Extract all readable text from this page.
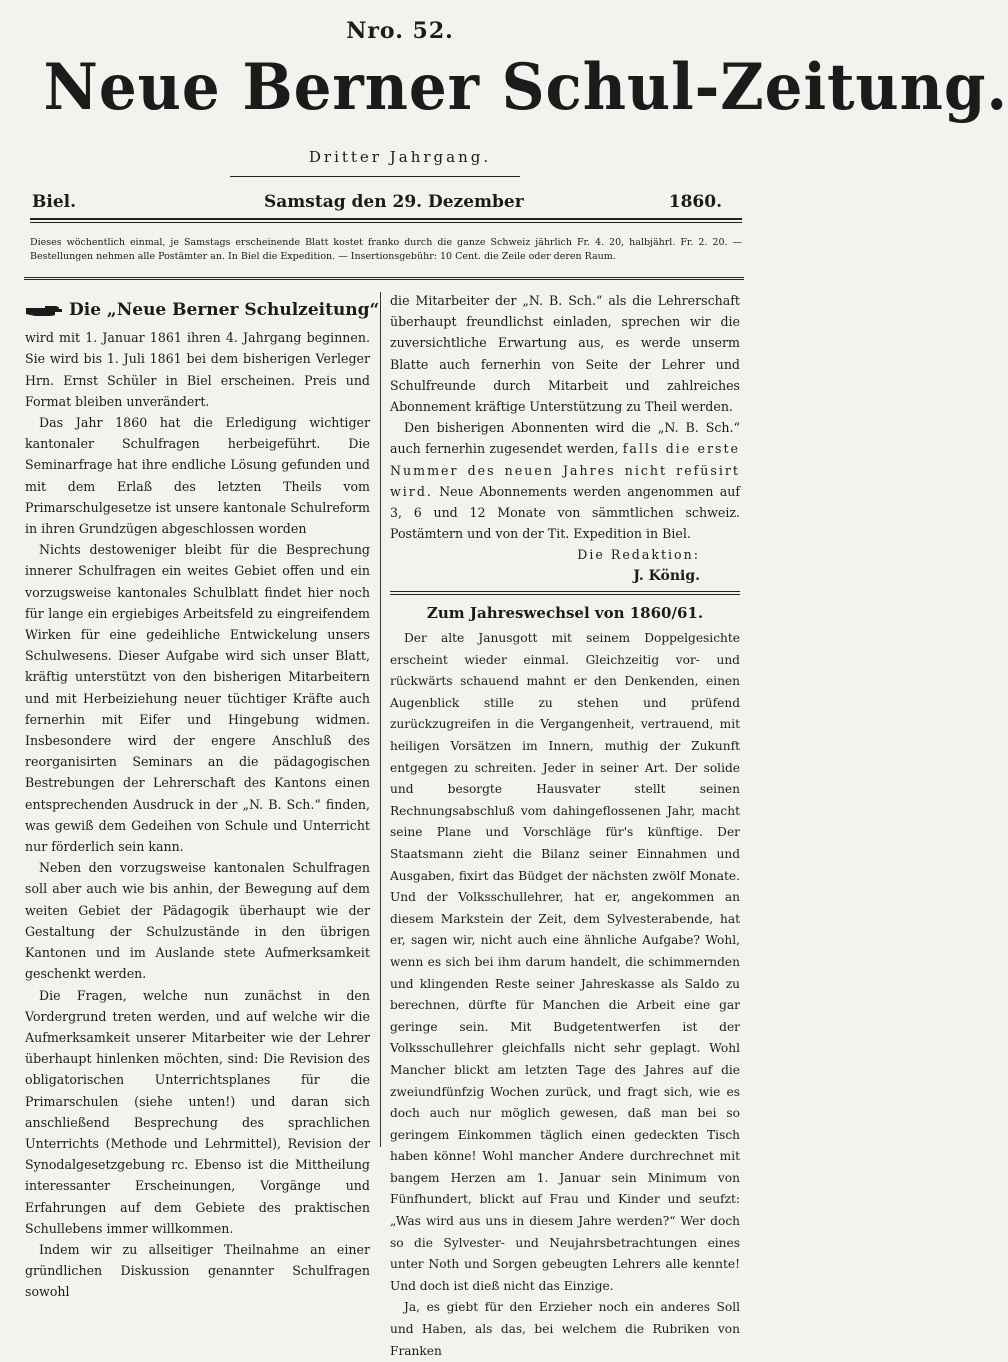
Nro. 52.
Neue Berner Schul-Zeitung.
Dritter Jahrgang.
Biel.	Samstag den 29. Dezember	1860.
Dieses wöchentlich einmal, je Samstags erscheinende Blatt kostet franko durch die ganze Schweiz jährlich Fr. 4. 20, halbjährl. Fr. 2. 20. — Bestellungen nehmen alle Postämter an. In Biel die Expedition. — Insertionsgebühr: 10 Cent. die Zeile oder deren Raum.
Die „Neue Berner Schulzeitung“

wird mit 1. Januar 1861 ihren 4. Jahrgang beginnen. Sie wird bis 1. Juli 1861 bei dem bisherigen Verleger Hrn. Ernst Schüler in Biel erscheinen. Preis und Format bleiben unverändert.

Das Jahr 1860 hat die Erledigung wichtiger kantonaler Schulfragen herbeigeführt. Die Seminarfrage hat ihre endliche Lösung gefunden und mit dem Erlaß des letzten Theils vom Primarschulgesetze ist unsere kantonale Schulreform in ihren Grundzügen abgeschlossen worden

Nichts destoweniger bleibt für die Besprechung innerer Schulfragen ein weites Gebiet offen und ein vorzugsweise kantonales Schulblatt findet hier noch für lange ein ergiebiges Arbeitsfeld zu eingreifendem Wirken für eine gedeihliche Entwickelung unsers Schulwesens. Dieser Aufgabe wird sich unser Blatt, kräftig unterstützt von den bisherigen Mitarbeitern und mit Herbeiziehung neuer tüchtiger Kräfte auch fernerhin mit Eifer und Hingebung widmen. Insbesondere wird der engere Anschluß des reorganisirten Seminars an die pädagogischen Bestrebungen der Lehrerschaft des Kantons einen entsprechenden Ausdruck in der „N. B. Sch.“ finden, was gewiß dem Gedeihen von Schule und Unterricht nur förderlich sein kann.

Neben den vorzugsweise kantonalen Schulfragen soll aber auch wie bis anhin, der Bewegung auf dem weiten Gebiet der Pädagogik überhaupt wie der Gestaltung der Schulzustände in den übrigen Kantonen und im Auslande stete Aufmerksamkeit geschenkt werden.

Die Fragen, welche nun zunächst in den Vordergrund treten werden, und auf welche wir die Aufmerksamkeit unserer Mitarbeiter wie der Lehrer überhaupt hinlenken möchten, sind: Die Revision des obligatorischen Unterrichtsplanes für die Primarschulen (siehe unten!) und daran sich anschließend Besprechung des sprachlichen Unterrichts (Methode und Lehrmittel), Revision der Synodalgesetzgebung rc. Ebenso ist die Mittheilung interessanter Erscheinungen, Vorgänge und Erfahrungen auf dem Gebiete des praktischen Schullebens immer willkommen.

Indem wir zu allseitiger Theilnahme an einer gründlichen Diskussion genannter Schulfragen sowohl

die Mitarbeiter der „N. B. Sch.“ als die Lehrerschaft überhaupt freundlichst einladen, sprechen wir die zuversichtliche Erwartung aus, es werde unserm Blatte auch fernerhin von Seite der Lehrer und Schulfreunde durch Mitarbeit und zahlreiches Abonnement kräftige Unterstützung zu Theil werden.

Den bisherigen Abonnenten wird die „N. B. Sch.“ auch fernerhin zugesendet werden, falls die erste Nummer des neuen Jahres nicht refüsirt wird. Neue Abonnements werden angenommen auf 3, 6 und 12 Monate von sämmtlichen schweiz. Postämtern und von der Tit. Expedition in Biel.

Die Redaktion:
J. König.
Zum Jahreswechsel von 1860/61.

Der alte Janusgott mit seinem Doppelgesichte erscheint wieder einmal. Gleichzeitig vor- und rückwärts schauend mahnt er den Denkenden, einen Augenblick stille zu stehen und prüfend zurückzugreifen in die Vergangenheit, vertrauend, mit heiligen Vorsätzen im Innern, muthig der Zukunft entgegen zu schreiten. Jeder in seiner Art. Der solide und besorgte Hausvater stellt seinen Rechnungsabschluß vom dahingeflossenen Jahr, macht seine Plane und Vorschläge für's künftige. Der Staatsmann zieht die Bilanz seiner Einnahmen und Ausgaben, fixirt das Büdget der nächsten zwölf Monate. Und der Volksschullehrer, hat er, angekommen an diesem Markstein der Zeit, dem Sylvesterabende, hat er, sagen wir, nicht auch eine ähnliche Aufgabe? Wohl, wenn es sich bei ihm darum handelt, die schimmernden und klingenden Reste seiner Jahreskasse als Saldo zu berechnen, dürfte für Manchen die Arbeit eine gar geringe sein. Mit Budgetentwerfen ist der Volksschullehrer gleichfalls nicht sehr geplagt. Wohl Mancher blickt am letzten Tage des Jahres auf die zweiundfünfzig Wochen zurück, und fragt sich, wie es doch auch nur möglich gewesen, daß man bei so geringem Einkommen täglich einen gedeckten Tisch haben könne! Wohl mancher Andere durchrechnet mit bangem Herzen am 1. Januar sein Minimum von Fünfhundert, blickt auf Frau und Kinder und seufzt: „Was wird aus uns in diesem Jahre werden?“ Wer doch so die Sylvester- und Neujahrsbetrachtungen eines unter Noth und Sorgen gebeugten Lehrers alle kennte! Und doch ist dieß nicht das Einzige.

Ja, es giebt für den Erzieher noch ein anderes Soll und Haben, als das, bei welchem die Rubriken von Franken
